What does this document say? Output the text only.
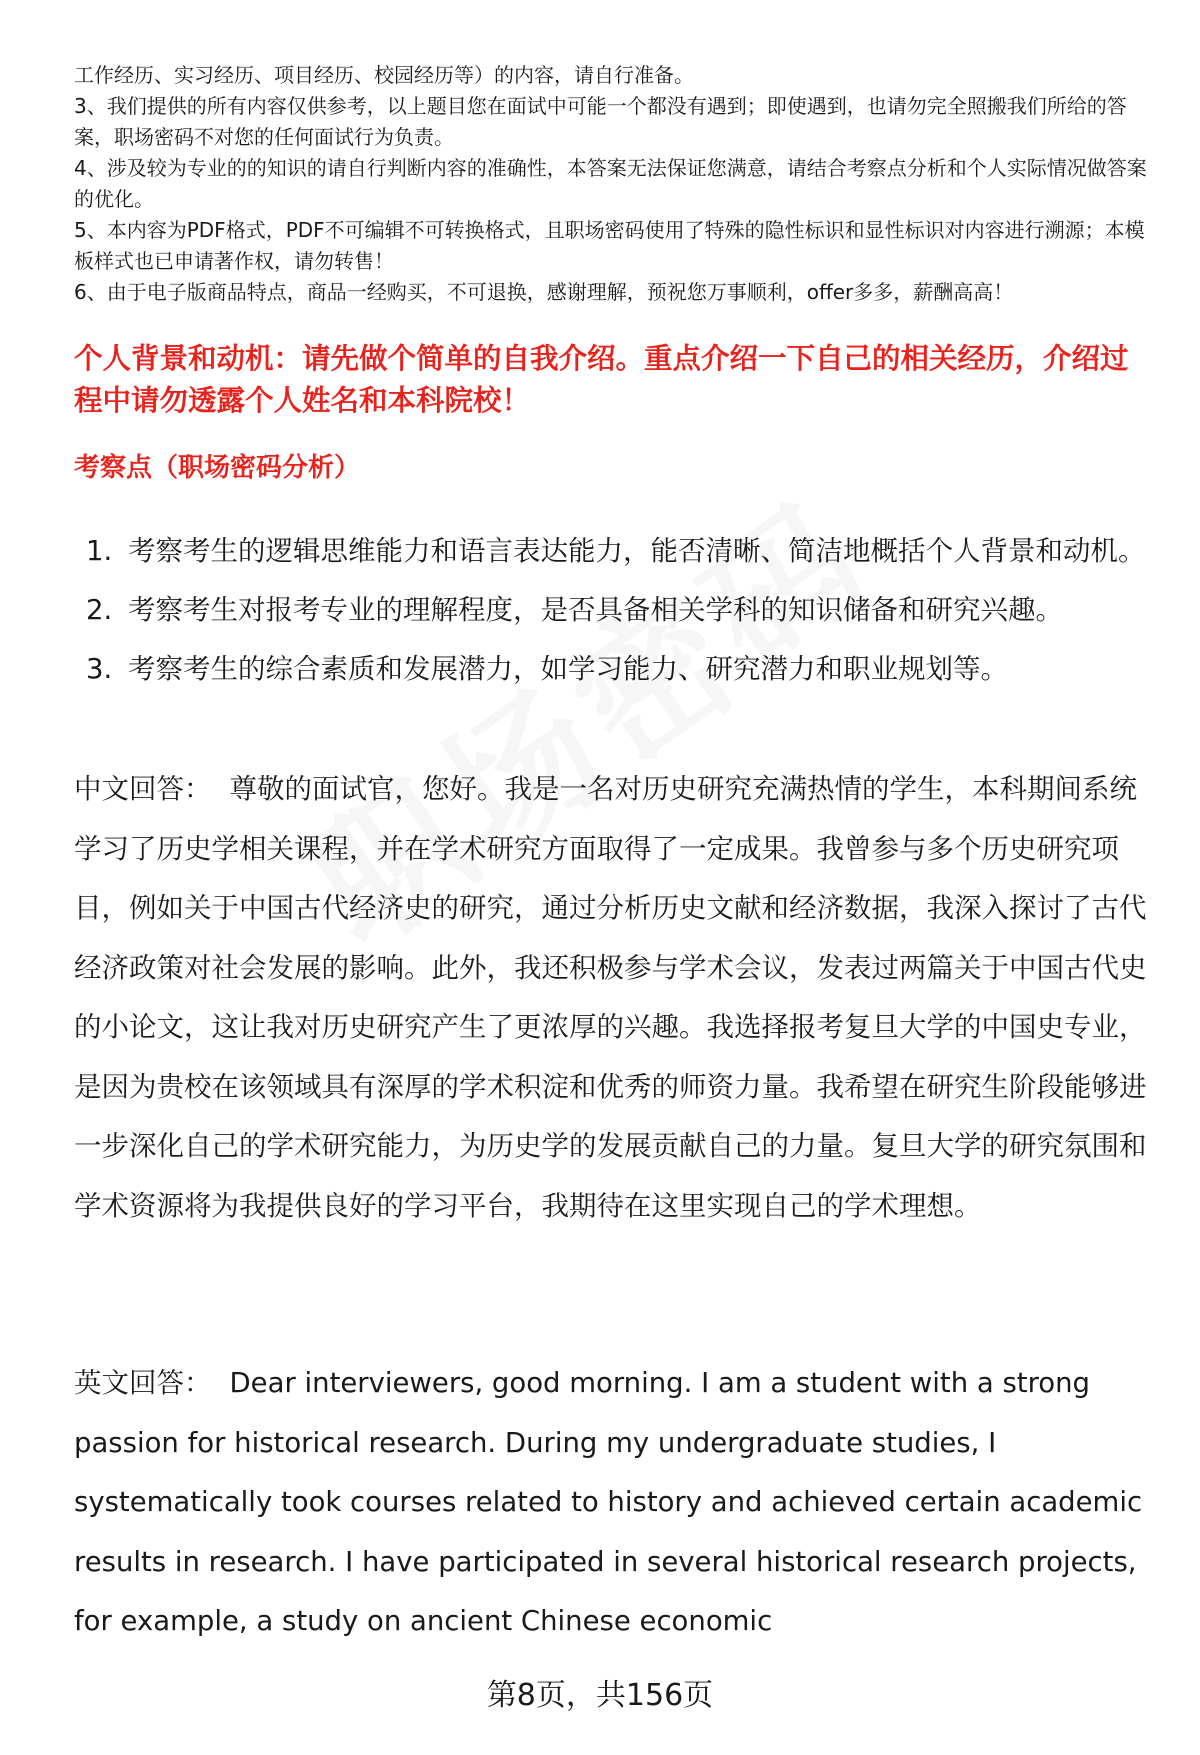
工作经历、实习经历、项目经历、校园经历等）的内容，请自行准备。

3、我们提供的所有内容仅供参考，以上题目您在面试中可能一个都没有遇到；即使遇到，也请勿完全照搬我们所给的答案，职场密码不对您的任何面试行为负责。

4、涉及较为专业的的知识的请自行判断内容的准确性，本答案无法保证您满意，请结合考察点分析和个人实际情况做答案的优化。

5、本内容为PDF格式，PDF不可编辑不可转换格式，且职场密码使用了特殊的隐性标识和显性标识对内容进行溯源；本模板样式也已申请著作权，请勿转售！

6、由于电子版商品特点，商品一经购买，不可退换，感谢理解，预祝您万事顺利，offer多多，薪酬高高！

个人背景和动机：请先做个简单的自我介绍。重点介绍一下自己的相关经历，介绍过程中请勿透露个人姓名和本科院校！
考察点（职场密码分析）
1. 考察考生的逻辑思维能力和语言表达能力，能否清晰、简洁地概括个人背景和动机。
2. 考察考生对报考专业的理解程度，是否具备相关学科的知识储备和研究兴趣。
3. 考察考生的综合素质和发展潜力，如学习能力、研究潜力和职业规划等。

中文回答： 尊敬的面试官，您好。我是一名对历史研究充满热情的学生，本科期间系统学习了历史学相关课程，并在学术研究方面取得了一定成果。我曾参与多个历史研究项目，例如关于中国古代经济史的研究，通过分析历史文献和经济数据，我深入探讨了古代经济政策对社会发展的影响。此外，我还积极参与学术会议，发表过两篇关于中国古代史的小论文，这让我对历史研究产生了更浓厚的兴趣。我选择报考复旦大学的中国史专业，是因为贵校在该领域具有深厚的学术积淀和优秀的师资力量。我希望在研究生阶段能够进一步深化自己的学术研究能力，为历史学的发展贡献自己的力量。复旦大学的研究氛围和学术资源将为我提供良好的学习平台，我期待在这里实现自己的学术理想。

英文回答： Dear interviewers, good morning. I am a student with a strong passion for historical research. During my undergraduate studies, I systematically took courses related to history and achieved certain academic results in research. I have participated in several historical research projects, for example, a study on ancient Chinese economic

第8页，共156页
